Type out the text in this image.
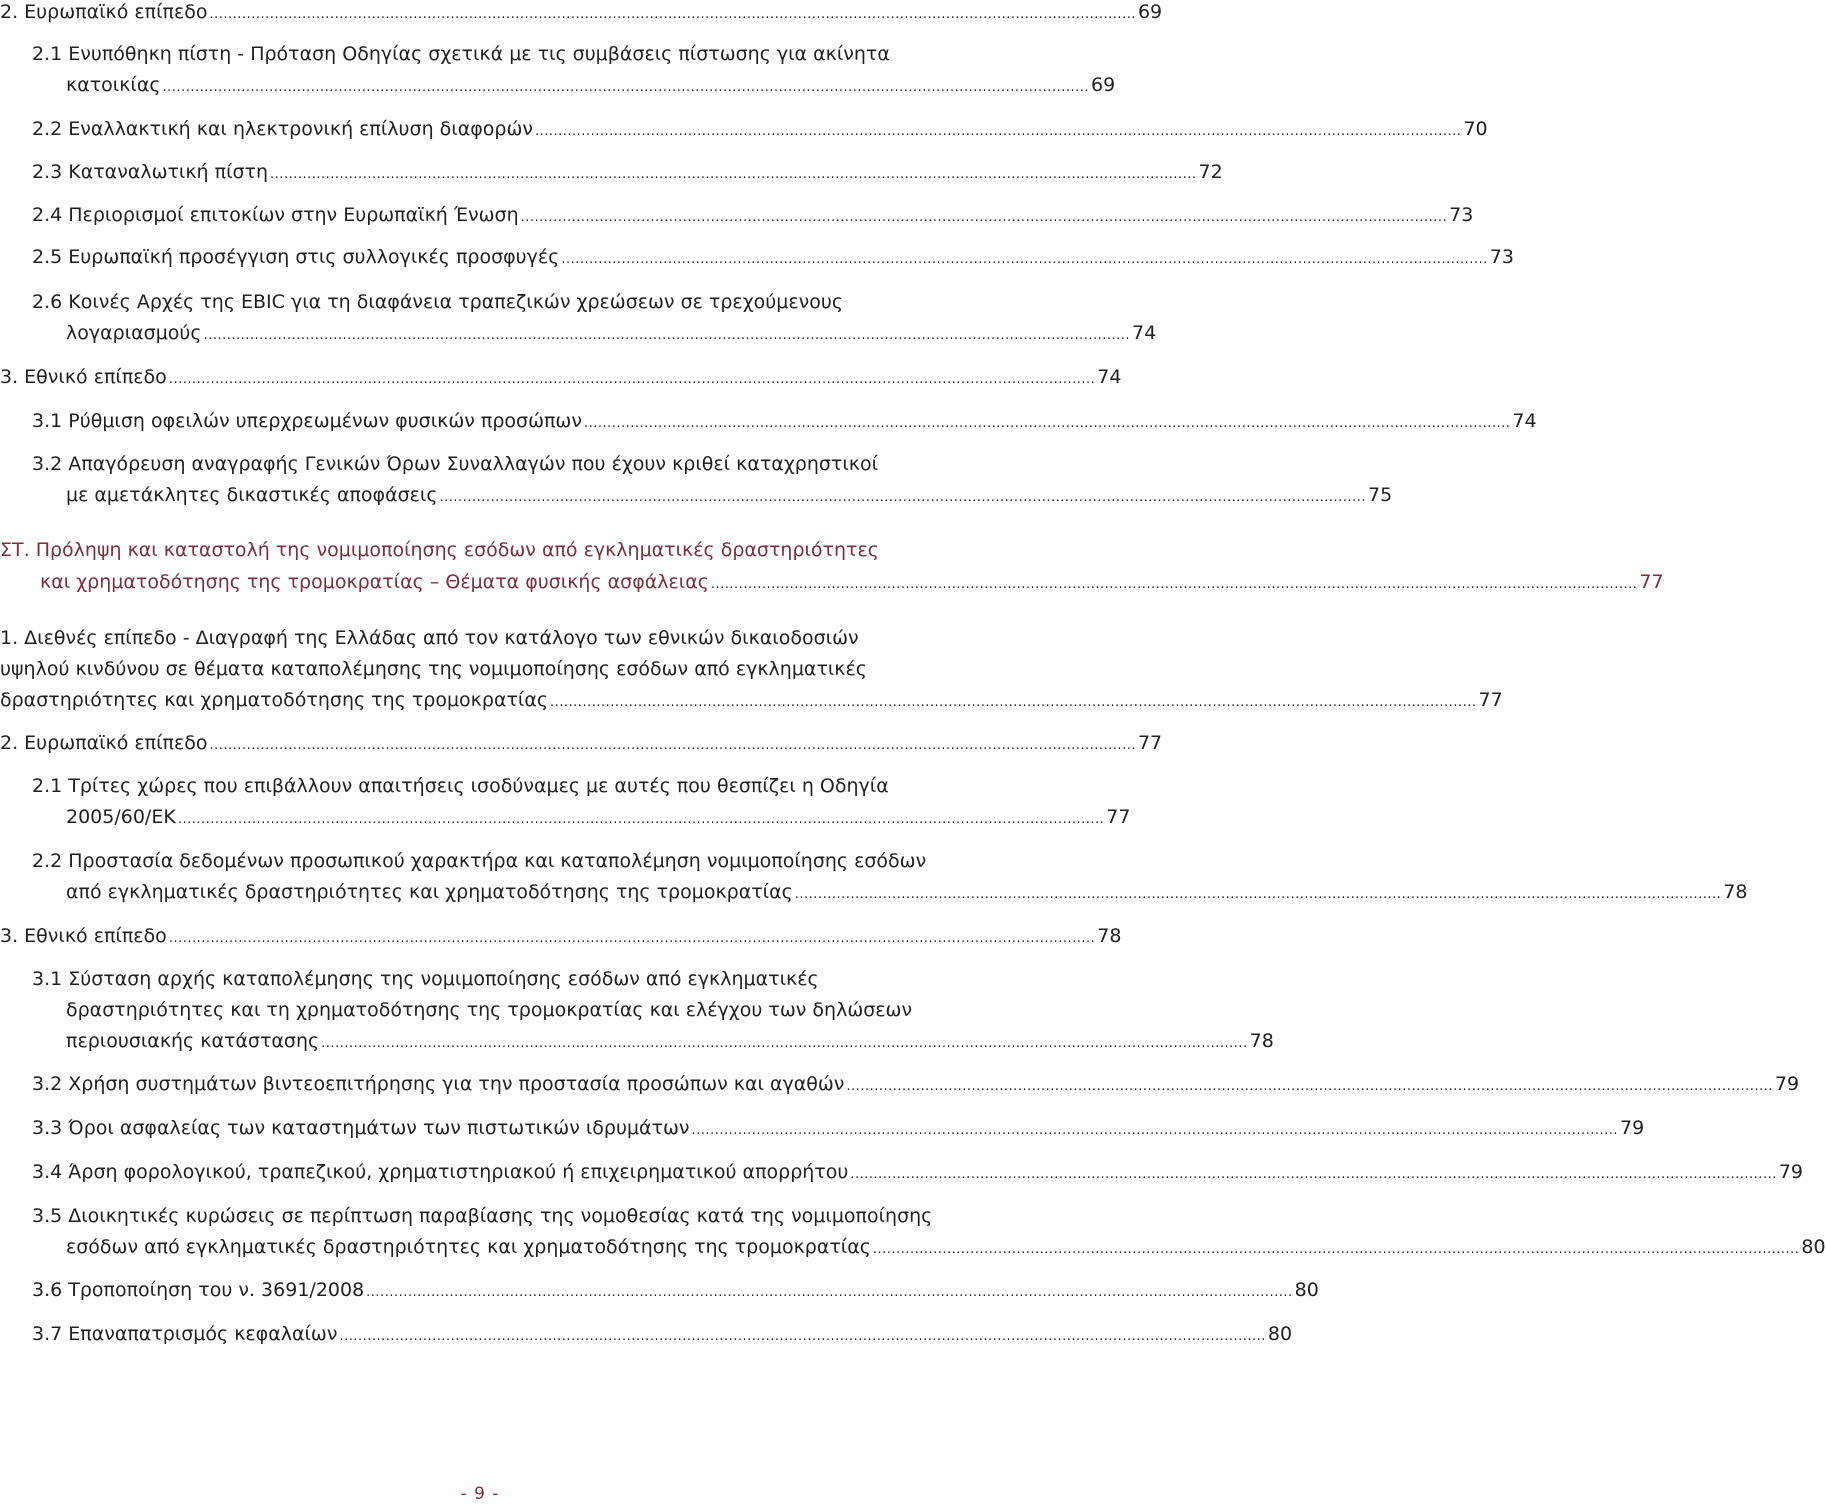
2. Ευρωπαϊκό επίπεδο ........................................................................................................................................................................................................ 69
2.1 Ενυπόθηκη πίστη - Πρόταση Οδηγίας σχετικά με τις συμβάσεις πίστωσης για ακίνητα
κατοικίας ........................................................................................................................................................................................................ 69
2.2 Εναλλακτική και ηλεκτρονική επίλυση διαφορών ........................................................................................................................................................................................................ 70
2.3 Καταναλωτική πίστη ........................................................................................................................................................................................................ 72
2.4 Περιορισμοί επιτοκίων στην Ευρωπαϊκή Ένωση ........................................................................................................................................................................................................ 73
2.5 Ευρωπαϊκή προσέγγιση στις συλλογικές προσφυγές ........................................................................................................................................................................................................ 73
2.6 Κοινές Αρχές της EBIC για τη διαφάνεια τραπεζικών χρεώσεων σε τρεχούμενους
λογαριασμούς ........................................................................................................................................................................................................ 74
3. Εθνικό επίπεδο ........................................................................................................................................................................................................ 74
3.1 Ρύθμιση οφειλών υπερχρεωμένων φυσικών προσώπων ........................................................................................................................................................................................................ 74
3.2 Απαγόρευση αναγραφής Γενικών Όρων Συναλλαγών που έχουν κριθεί καταχρηστικοί
με αμετάκλητες δικαστικές αποφάσεις ........................................................................................................................................................................................................ 75
ΣΤ. Πρόληψη και καταστολή της νομιμοποίησης εσόδων από εγκληματικές δραστηριότητες
και χρηματοδότησης της τρομοκρατίας – Θέματα φυσικής ασφάλειας ........................................................................................................................................................................................................ 77
1. Διεθνές επίπεδο - Διαγραφή της Ελλάδας από τον κατάλογο των εθνικών δικαιοδοσιών
υψηλού κινδύνου σε θέματα καταπολέμησης της νομιμοποίησης εσόδων από εγκληματικές
δραστηριότητες και χρηματοδότησης της τρομοκρατίας ........................................................................................................................................................................................................ 77
2. Ευρωπαϊκό επίπεδο ........................................................................................................................................................................................................ 77
2.1 Τρίτες χώρες που επιβάλλουν απαιτήσεις ισοδύναμες με αυτές που θεσπίζει η Οδηγία
2005/60/ΕΚ ........................................................................................................................................................................................................ 77
2.2 Προστασία δεδομένων προσωπικού χαρακτήρα και καταπολέμηση νομιμοποίησης εσόδων
από εγκληματικές δραστηριότητες και χρηματοδότησης της τρομοκρατίας ........................................................................................................................................................................................................ 78
3. Εθνικό επίπεδο ........................................................................................................................................................................................................ 78
3.1 Σύσταση αρχής καταπολέμησης της νομιμοποίησης εσόδων από εγκληματικές
δραστηριότητες και τη χρηματοδότησης της τρομοκρατίας και ελέγχου των δηλώσεων
περιουσιακής κατάστασης ........................................................................................................................................................................................................ 78
3.2 Χρήση συστημάτων βιντεοεπιτήρησης για την προστασία προσώπων και αγαθών ........................................................................................................................................................................................................ 79
3.3 Όροι ασφαλείας των καταστημάτων των πιστωτικών ιδρυμάτων ........................................................................................................................................................................................................ 79
3.4 Άρση φορολογικού, τραπεζικού, χρηματιστηριακού ή επιχειρηματικού απορρήτου ........................................................................................................................................................................................................ 79
3.5 Διοικητικές κυρώσεις σε περίπτωση παραβίασης της νομοθεσίας κατά της νομιμοποίησης
εσόδων από εγκληματικές δραστηριότητες και χρηματοδότησης της τρομοκρατίας ........................................................................................................................................................................................................ 80
3.6 Τροποποίηση του ν. 3691/2008 ........................................................................................................................................................................................................ 80
3.7 Επαναπατρισμός κεφαλαίων ........................................................................................................................................................................................................ 80
- 9 -
